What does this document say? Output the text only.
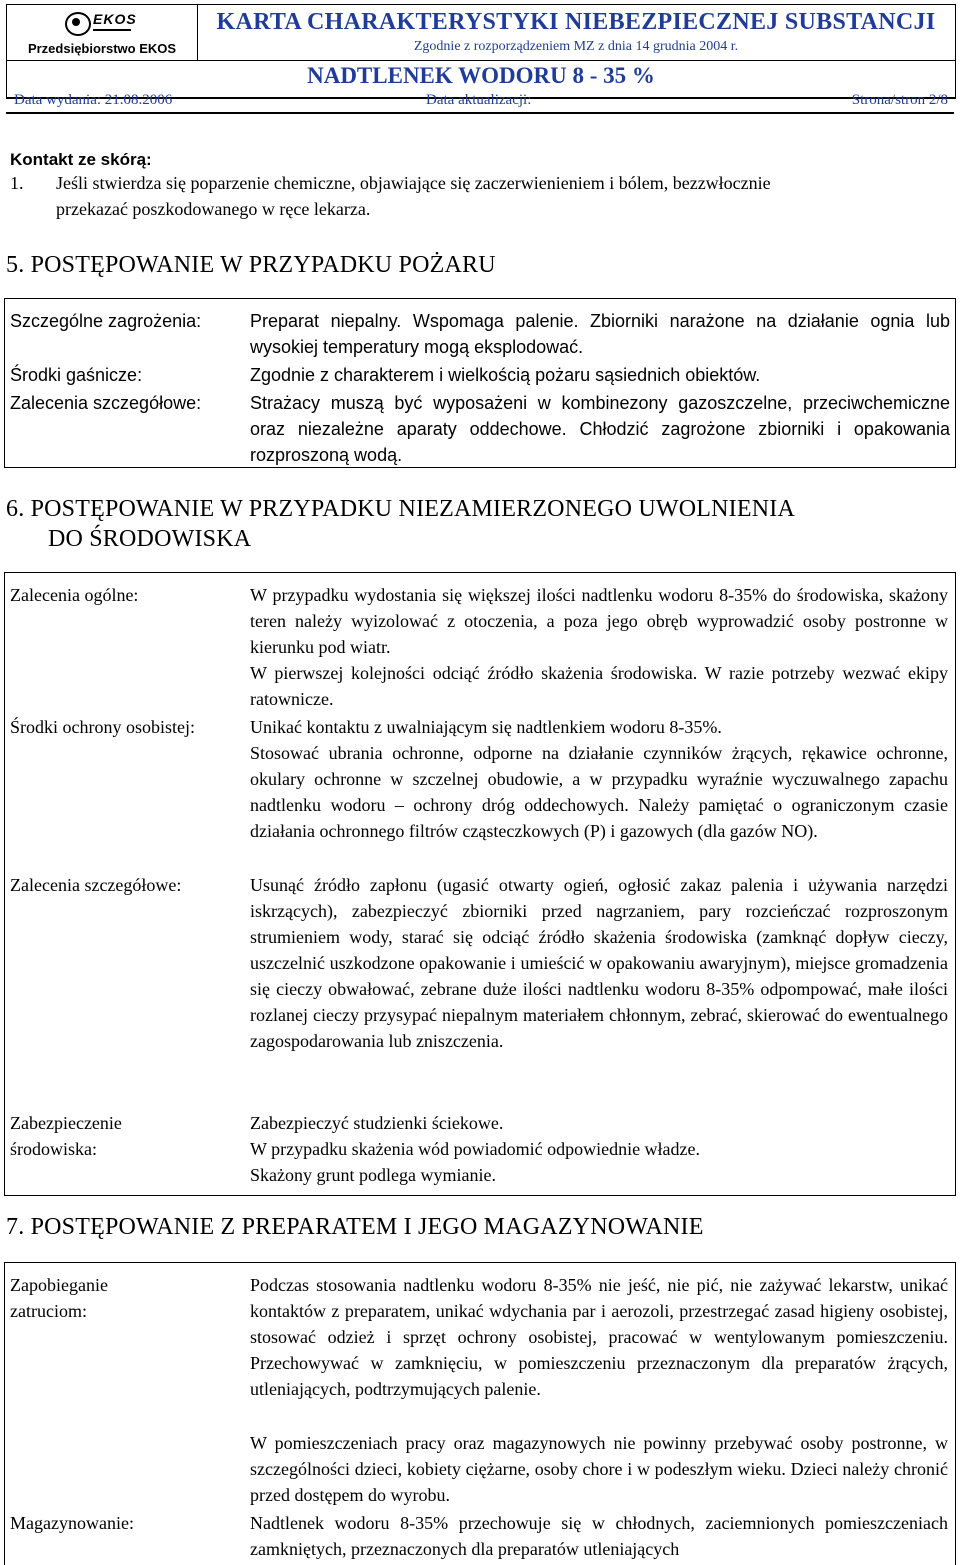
EKOS
Przedsiębiorstwo EKOS
KARTA CHARAKTERYSTYKI NIEBEZPIECZNEJ SUBSTANCJI
Zgodnie z rozporządzeniem MZ z dnia 14 grudnia 2004 r.
NADTLENEK WODORU 8 - 35 %
Data wydania: 21.08.2006	Data aktualizacji:	Strona/stron 2/8
Kontakt ze skórą:
1. Jeśli stwierdza się poparzenie chemiczne, objawiające się zaczerwienieniem i bólem, bezzwłocznie
przekazać poszkodowanego w ręce lekarza.
5. POSTĘPOWANIE W PRZYPADKU POŻARU
Szczególne zagrożenia:	Preparat niepalny. Wspomaga palenie. Zbiorniki narażone na działanie ognia lub wysokiej temperatury mogą eksplodować.
Środki gaśnicze:	Zgodnie z charakterem i wielkością pożaru sąsiednich obiektów.
Zalecenia szczegółowe:	Strażacy muszą być wyposażeni w kombinezony gazoszczelne, przeciwchemiczne oraz niezależne aparaty oddechowe. Chłodzić zagrożone zbiorniki i opakowania rozproszoną wodą.
6. POSTĘPOWANIE W PRZYPADKU NIEZAMIERZONEGO UWOLNIENIA
DO ŚRODOWISKA
Zalecenia ogólne:	W przypadku wydostania się większej ilości nadtlenku wodoru 8-35% do środowiska, skażony teren należy wyizolować z otoczenia, a poza jego obręb wyprowadzić osoby postronne w kierunku pod wiatr.
W pierwszej kolejności odciąć źródło skażenia środowiska. W razie potrzeby wezwać ekipy ratownicze.
Środki ochrony osobistej:	Unikać kontaktu z uwalniającym się nadtlenkiem wodoru 8-35%.
Stosować ubrania ochronne, odporne na działanie czynników żrących, rękawice ochronne, okulary ochronne w szczelnej obudowie, a w przypadku wyraźnie wyczuwalnego zapachu nadtlenku wodoru – ochrony dróg oddechowych. Należy pamiętać o ograniczonym czasie działania ochronnego filtrów cząsteczkowych (P) i gazowych (dla gazów NO).
Zalecenia szczegółowe:	Usunąć źródło zapłonu (ugasić otwarty ogień, ogłosić zakaz palenia i używania narzędzi iskrzących), zabezpieczyć zbiorniki przed nagrzaniem, pary rozcieńczać rozproszonym strumieniem wody, starać się odciąć źródło skażenia środowiska (zamknąć dopływ cieczy, uszczelnić uszkodzone opakowanie i umieścić w opakowaniu awaryjnym), miejsce gromadzenia się cieczy obwałować, zebrane duże ilości nadtlenku wodoru 8-35% odpompować, małe ilości rozlanej cieczy przysypać niepalnym materiałem chłonnym, zebrać, skierować do ewentualnego zagospodarowania lub zniszczenia.
Zabezpieczenie środowiska:
Zabezpieczyć studzienki ściekowe.
W przypadku skażenia wód powiadomić odpowiednie władze.
Skażony grunt podlega wymianie.
7. POSTĘPOWANIE Z PREPARATEM I JEGO MAGAZYNOWANIE
Zapobieganie zatruciom:
Podczas stosowania nadtlenku wodoru 8-35% nie jeść, nie pić, nie zażywać lekarstw, unikać kontaktów z preparatem, unikać wdychania par i aerozoli, przestrzegać zasad higieny osobistej, stosować odzież i sprzęt ochrony osobistej, pracować w wentylowanym pomieszczeniu. Przechowywać w zamknięciu, w pomieszczeniu przeznaczonym dla preparatów żrących, utleniających, podtrzymujących palenie.
W pomieszczeniach pracy oraz magazynowych nie powinny przebywać osoby postronne, w szczególności dzieci, kobiety ciężarne, osoby chore i w podeszłym wieku. Dzieci należy chronić przed dostępem do wyrobu.
Magazynowanie:	Nadtlenek wodoru 8-35% przechowuje się w chłodnych, zaciemnionych pomieszczeniach zamkniętych, przeznaczonych dla preparatów utleniających
